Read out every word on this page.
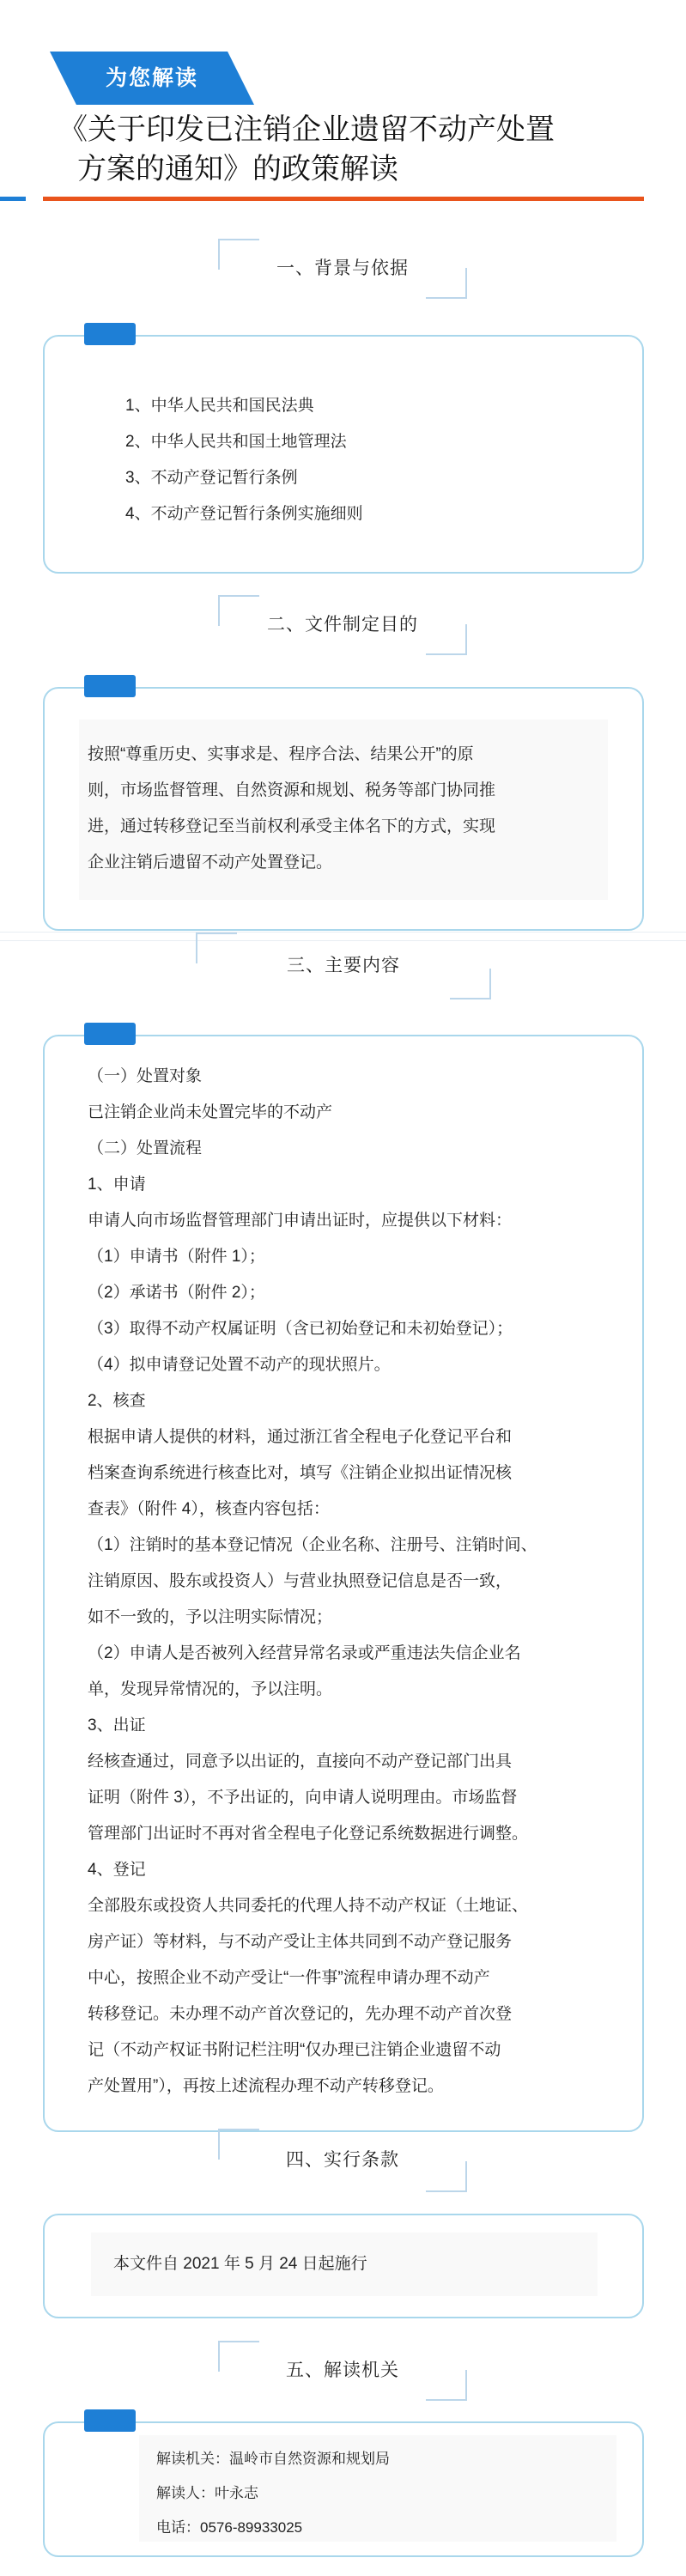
为您解读
《关于印发已注销企业遗留不动产处置
方案的通知》的政策解读
一、背景与依据

1、中华人民共和国民法典

2、中华人民共和国土地管理法

3、不动产登记暂行条例

4、不动产登记暂行条例实施细则

二、文件制定目的

按照“尊重历史、实事求是、程序合法、结果公开”的原

则，市场监督管理、自然资源和规划、税务等部门协同推

进，通过转移登记至当前权利承受主体名下的方式，实现

企业注销后遗留不动产处置登记。

三、主要内容

（一）处置对象

已注销企业尚未处置完毕的不动产

（二）处置流程

1、申请

申请人向市场监督管理部门申请出证时，应提供以下材料：

（1）申请书（附件 1）；

（2）承诺书（附件 2）；

（3）取得不动产权属证明（含已初始登记和未初始登记）；

（4）拟申请登记处置不动产的现状照片。

2、核查

根据申请人提供的材料，通过浙江省全程电子化登记平台和

档案查询系统进行核查比对，填写《注销企业拟出证情况核

查表》（附件 4），核查内容包括：

（1）注销时的基本登记情况（企业名称、注册号、注销时间、

注销原因、股东或投资人）与营业执照登记信息是否一致，

如不一致的，予以注明实际情况；

（2）申请人是否被列入经营异常名录或严重违法失信企业名

单，发现异常情况的，予以注明。

3、出证

经核查通过，同意予以出证的，直接向不动产登记部门出具

证明（附件 3），不予出证的，向申请人说明理由。市场监督

管理部门出证时不再对省全程电子化登记系统数据进行调整。

4、登记

全部股东或投资人共同委托的代理人持不动产权证（土地证、

房产证）等材料，与不动产受让主体共同到不动产登记服务

中心，按照企业不动产受让“一件事”流程申请办理不动产

转移登记。未办理不动产首次登记的，先办理不动产首次登

记（不动产权证书附记栏注明“仅办理已注销企业遗留不动

产处置用”），再按上述流程办理不动产转移登记。

四、实行条款

本文件自 2021 年 5 月 24 日起施行

五、解读机关

解读机关：温岭市自然资源和规划局

解读人：叶永志

电话：0576-89933025
